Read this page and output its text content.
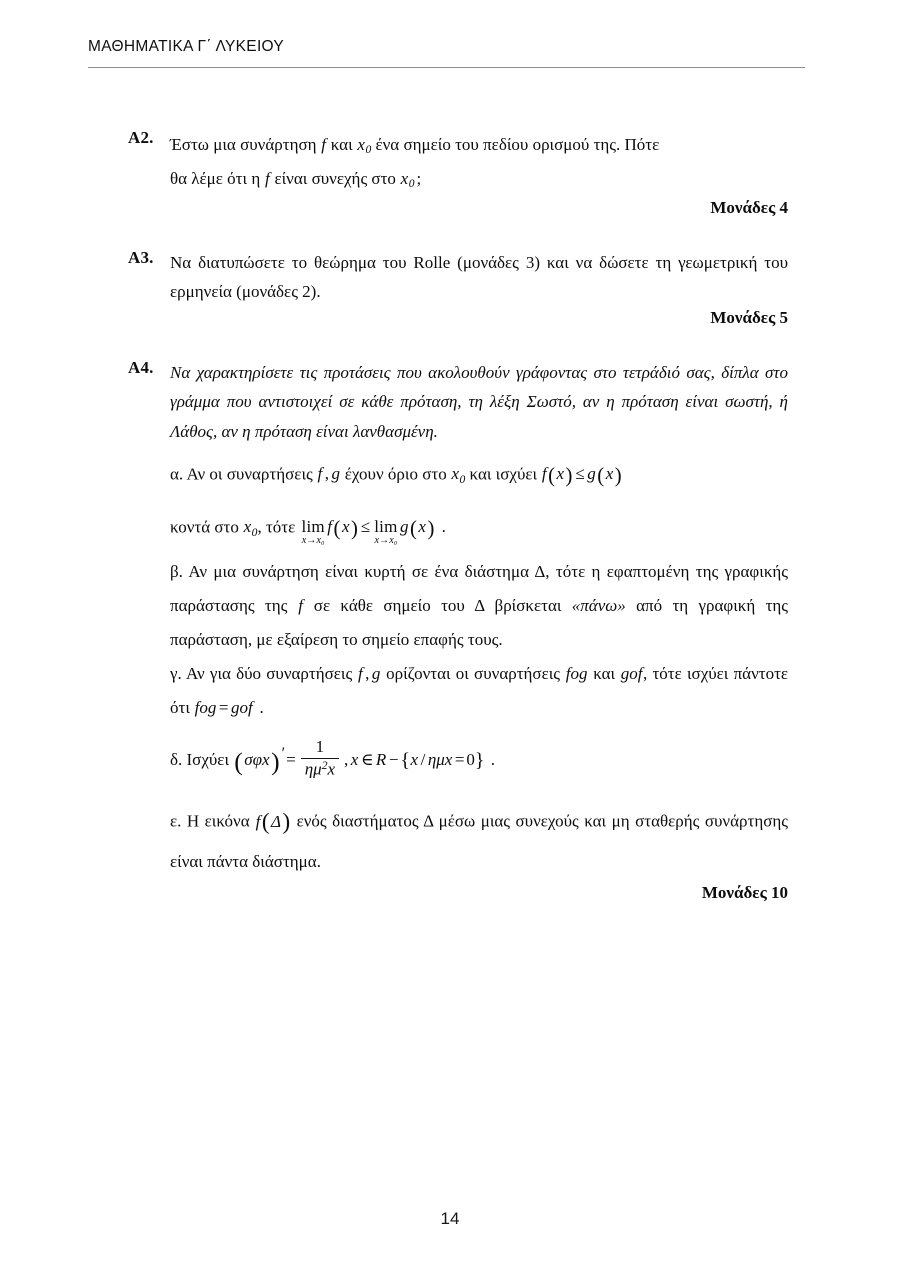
ΜΑΘΗΜΑΤΙΚΑ Γ΄ ΛΥΚΕΙΟΥ
A2. Έστω μια συνάρτηση f και $x_0$ ένα σημείο του πεδίου ορισμού της. Πότε
θα λέμε ότι η f είναι συνεχής στο $x_0$ ;
Μονάδες 4
A3. Να διατυπώσετε το θεώρημα του Rolle (μονάδες 3) και να δώσετε τη γεωμετρική του ερμηνεία (μονάδες 2).
Μονάδες 5
A4. Να χαρακτηρίσετε τις προτάσεις που ακολουθούν γράφοντας στο τετράδιό σας, δίπλα στο γράμμα που αντιστοιχεί σε κάθε πρόταση, τη λέξη Σωστό, αν η πρόταση είναι σωστή, ή Λάθος, αν η πρόταση είναι λανθασμένη.
α. Αν οι συναρτήσεις f , g έχουν όριο στο $x_0$ και ισχύει f(x) ≤ g(x)
κοντά στο $x_0$, τότε lim
x→x₀
f(x) ≤ lim
x→x₀
g(x) .
β. Αν μια συνάρτηση είναι κυρτή σε ένα διάστημα Δ, τότε η εφαπτομένη της γραφικής παράστασης της f σε κάθε σημείο του Δ βρίσκεται «πάνω» από τη γραφική της παράσταση, με εξαίρεση το σημείο επαφής τους.
γ. Αν για δύο συναρτήσεις f , g ορίζονται οι συναρτήσεις fog και gof, τότε ισχύει πάντοτε ότι fog = gof .
δ. Ισχύει $(\sigma\varphi x)' = \frac{1}{\eta\mu^2x}$ , x ∈ R −{x / ημx = 0} .
ε. Η εικόνα f(Δ) ενός διαστήματος Δ μέσω μιας συνεχούς και μη σταθερής συνάρτησης είναι πάντα διάστημα.
Μονάδες 10
14
